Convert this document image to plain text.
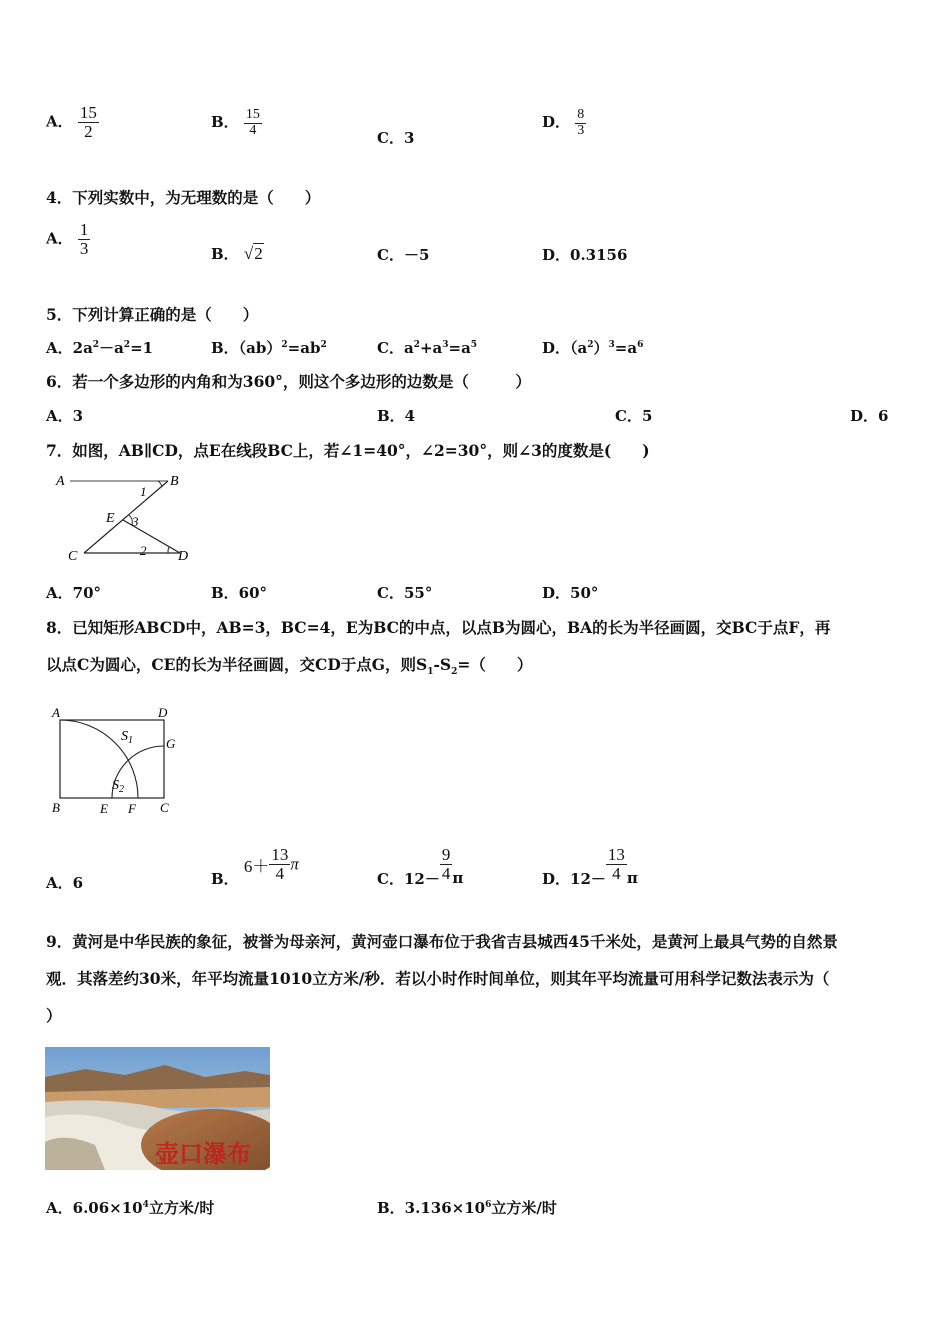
A． $\frac{15}{2}$	B． $\frac{15}{4}$	C．3
D． $\frac{8}{3}$
4．下列实数中，为无理数的是（　　）
A． $\frac{1}{3}$	B． √2	C．－5	D．0.3156
5．下列计算正确的是（　　）
A．$2a^2-a^2=1$	B．$(ab)^2=ab^2$	C．$a^2+a^3=a^5$	D．$(a^2)^3=a^6$
6．若一个多边形的内角和为360°，则这个多边形的边数是（　　　）
A．3	B．4	C．5	D．6
7．如图，AB∥CD，点E在线段BC上，若∠1=40°，∠2=30°，则∠3的度数是(　　)
A	B
C	D
E
1
2
3
A．70°	B．60°	C．55°	D．50°
8．已知矩形ABCD中，AB=3，BC=4，E为BC的中点，以点B为圆心，BA的长为半径画圆，交BC于点F，再
以点C为圆心，CE的长为半径画圆，交CD于点G，则$S_1-S_2=$（　　）
A	D
B	E F C
G
$S_1$
$S_2$
A．6	B． $6+ \frac{13}{4}$ π
C．$12- \frac{9}{4}$ π	D．$12- \frac{13}{4}$ π
9．黄河是中华民族的象征，被誉为母亲河，黄河壶口瀑布位于我省吉县城西45千米处，是黄河上最具气势的自然景
观．其落差约30米，年平均流量1010立方米/秒．若以小时作时间单位，则其年平均流量可用科学记数法表示为（
）
壶口瀑布
A．$6.06\times 10^4$立方米/时	B．$3.136\times 10^6$立方米/时
